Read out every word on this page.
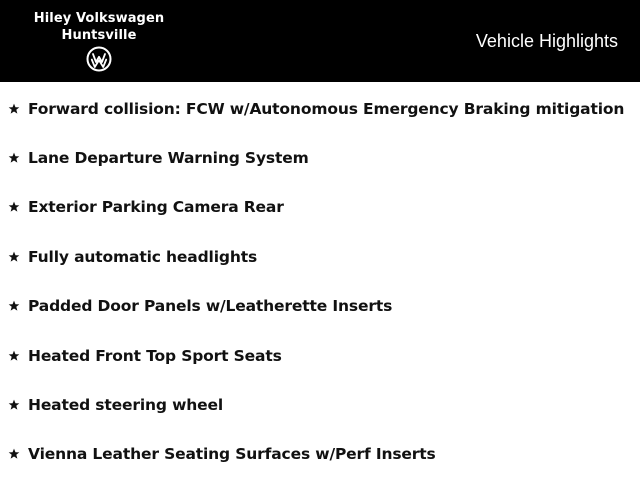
Hiley Volkswagen
Huntsville	Vehicle Highlights
Forward collision: FCW w/Autonomous Emergency Braking mitigation
Lane Departure Warning System
Exterior Parking Camera Rear
Fully automatic headlights
Padded Door Panels w/Leatherette Inserts
Heated Front Top Sport Seats
Heated steering wheel
Vienna Leather Seating Surfaces w/Perf Inserts
